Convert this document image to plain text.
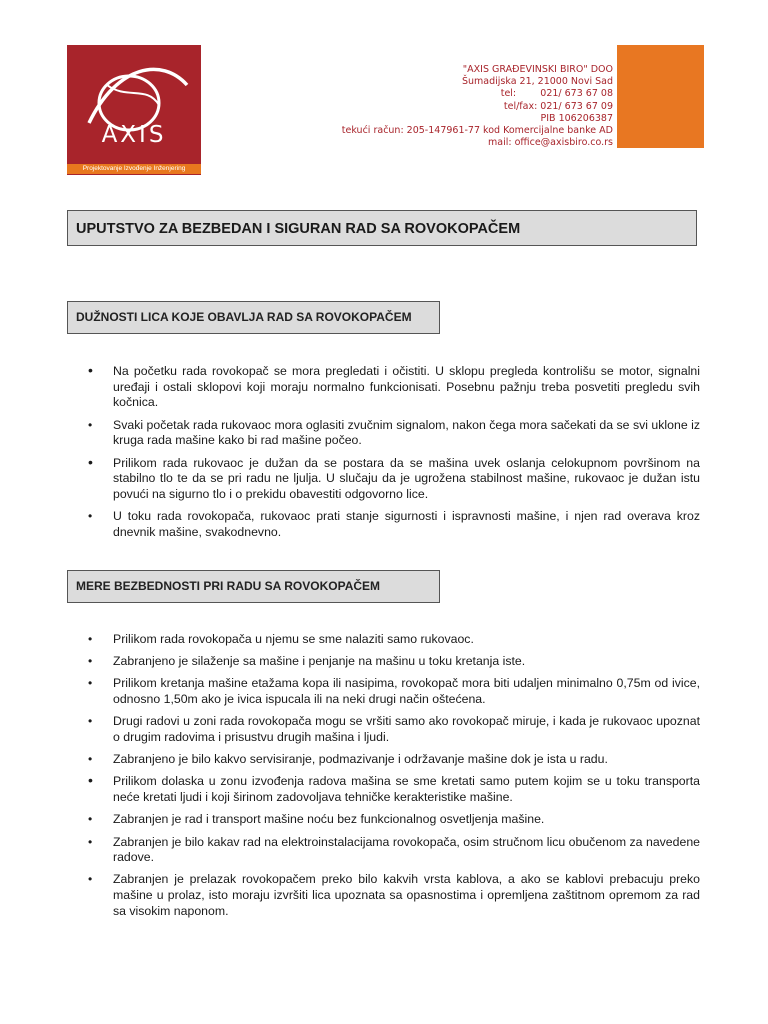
AXIS
Projektovanje Izvođenje Inženjering
"AXIS GRAĐEVINSKI BIRO" DOO
Šumadijska 21, 21000 Novi Sad
tel:        021/ 673 67 08
tel/fax: 021/ 673 67 09
PIB 106206387
tekući račun: 205-147961-77 kod Komercijalne banke AD
mail: office@axisbiro.co.rs
UPUTSTVO ZA BEZBEDAN I SIGURAN RAD SA ROVOKOPAČEM
DUŽNOSTI LICA KOJE OBAVLJA RAD SA ROVOKOPAČEM
• Na početku rada rovokopač se mora pregledati i očistiti. U sklopu pregleda kontrolišu se motor, signalni uređaji i ostali sklopovi koji moraju normalno funkcionisati. Posebnu pažnju treba posvetiti pregledu svih kočnica.
• Svaki početak rada rukovaoc mora oglasiti zvučnim signalom, nakon čega mora sačekati da se svi uklone iz kruga rada mašine kako bi rad mašine počeo.
• Prilikom rada rukovaoc je dužan da se postara da se mašina uvek oslanja celokupnom površinom na stabilno tlo te da se pri radu ne ljulja. U slučaju da je ugrožena stabilnost mašine, rukovaoc je dužan istu povući na sigurno tlo i o prekidu obavestiti odgovorno lice.
• U toku rada rovokopača, rukovaoc prati stanje sigurnosti i ispravnosti mašine, i njen rad overava kroz dnevnik mašine, svakodnevno.
MERE BEZBEDNOSTI PRI RADU SA ROVOKOPAČEM
• Prilikom rada rovokopača u njemu se sme nalaziti samo rukovaoc.
• Zabranjeno je silaženje sa mašine i penjanje na mašinu u toku kretanja iste.
• Prilikom kretanja mašine etažama kopa ili nasipima, rovokopač mora biti udaljen minimalno 0,75m od ivice, odnosno 1,50m ako je ivica ispucala ili na neki drugi način oštećena.
• Drugi radovi u zoni rada rovokopača mogu se vršiti samo ako rovokopač miruje, i kada je rukovaoc upoznat o drugim radovima i prisustvu drugih mašina i ljudi.
• Zabranjeno je bilo kakvo servisiranje, podmazivanje i održavanje mašine dok je ista u radu.
• Prilikom dolaska u zonu izvođenja radova mašina se sme kretati samo putem kojim se u toku transporta neće kretati ljudi i koji širinom zadovoljava tehničke kerakteristike mašine.
• Zabranjen je rad i transport mašine noću bez funkcionalnog osvetljenja mašine.
• Zabranjen je bilo kakav rad na elektroinstalacijama rovokopača, osim stručnom licu obučenom za navedene radove.
• Zabranjen je prelazak rovokopačem preko bilo kakvih vrsta kablova, a ako se kablovi prebacuju preko mašine u prolaz, isto moraju izvršiti lica upoznata sa opasnostima i opremljena zaštitnom opremom za rad sa visokim naponom.
